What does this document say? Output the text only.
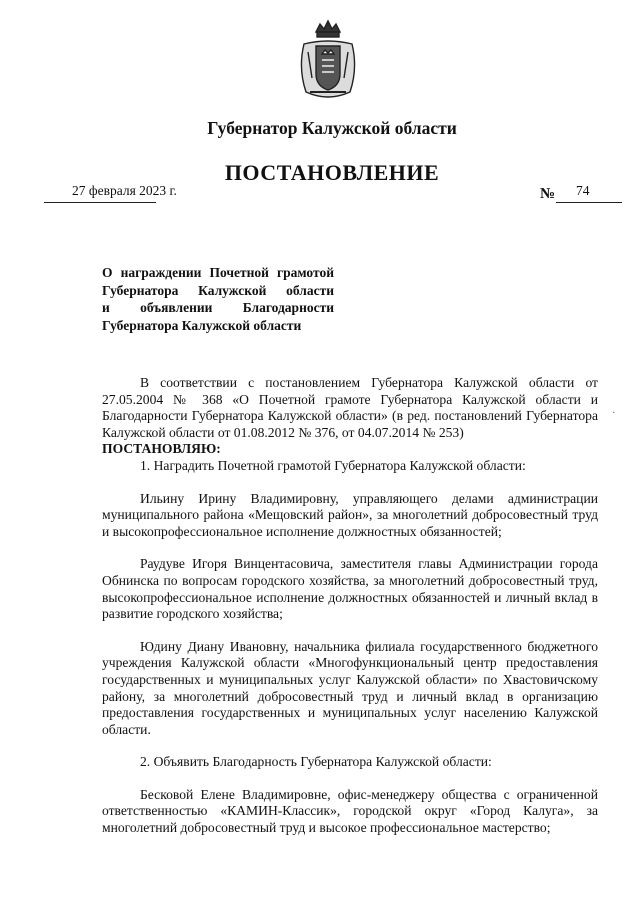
Губернатор Калужской области
ПОСТАНОВЛЕНИЕ
27 февраля 2023 г.	№ 74
О награждении Почетной грамотой
Губернатора Калужской области
и объявлении Благодарности
Губернатора Калужской области
·

В соответствии с постановлением Губернатора Калужской области от 27.05.2004 № 368 «О Почетной грамоте Губернатора Калужской области и Благодарности Губернатора Калужской области» (в ред. постановлений Губернатора Калужской области от 01.08.2012 № 376, от 04.07.2014 № 253)

ПОСТАНОВЛЯЮ:

1. Наградить Почетной грамотой Губернатора Калужской области:

Ильину Ирину Владимировну, управляющего делами администрации муниципального района «Мещовский район», за многолетний добросовестный труд и высокопрофессиональное исполнение должностных обязанностей;

Раудуве Игоря Винцентасовича, заместителя главы Администрации города Обнинска по вопросам городского хозяйства, за многолетний добросовестный труд, высокопрофессиональное исполнение должностных обязанностей и личный вклад в развитие городского хозяйства;

Юдину Диану Ивановну, начальника филиала государственного бюджетного учреждения Калужской области «Многофункциональный центр предоставления государственных и муниципальных услуг Калужской области» по Хвастовичскому району, за многолетний добросовестный труд и личный вклад в организацию предоставления государственных и муниципальных услуг населению Калужской области.

2. Объявить Благодарность Губернатора Калужской области:

Бесковой Елене Владимировне, офис-менеджеру общества с ограниченной ответственностью «КАМИН-Классик», городской округ «Город Калуга», за многолетний добросовестный труд и высокое профессиональное мастерство;
